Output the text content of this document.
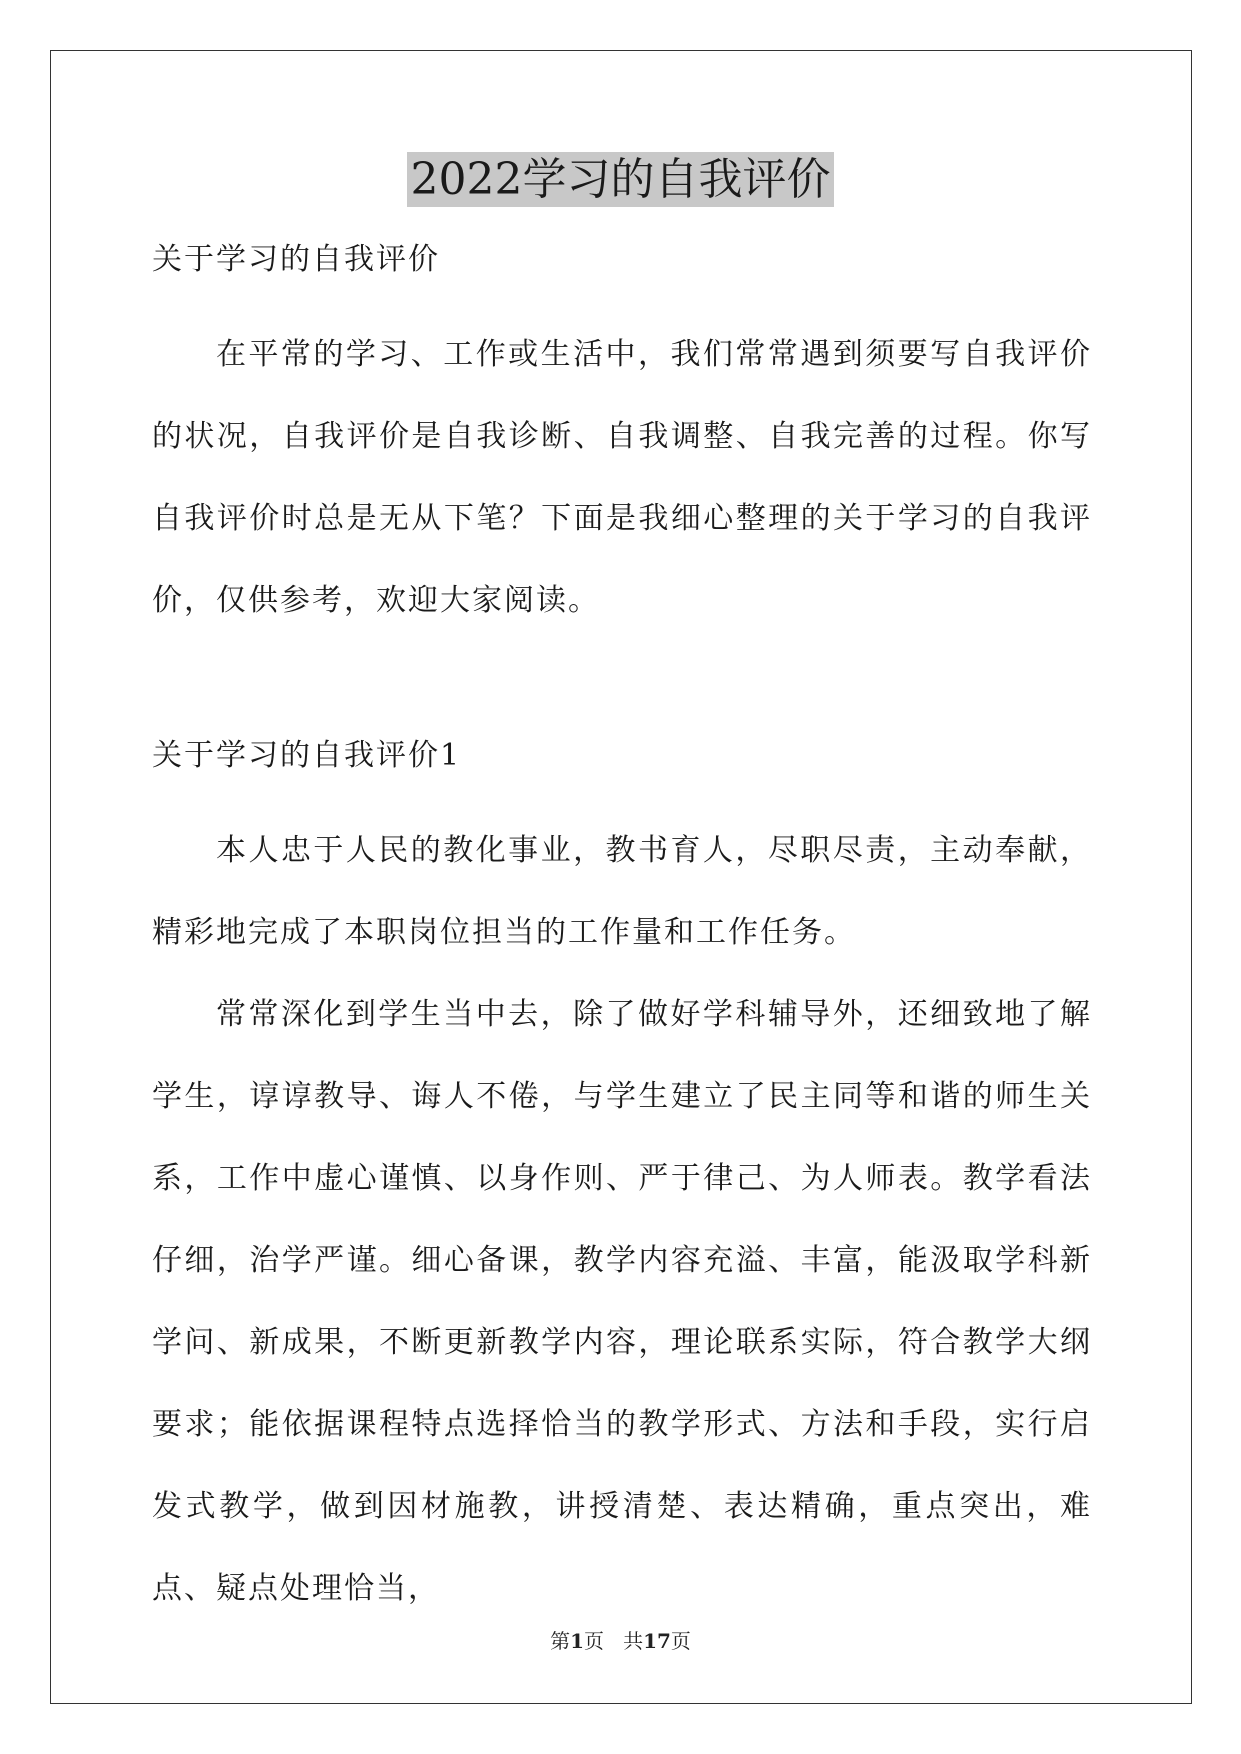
2022学习的自我评价

关于学习的自我评价

在平常的学习、工作或生活中，我们常常遇到须要写自我评价的状况，自我评价是自我诊断、自我调整、自我完善的过程。你写自我评价时总是无从下笔？下面是我细心整理的关于学习的自我评价，仅供参考，欢迎大家阅读。

关于学习的自我评价1

本人忠于人民的教化事业，教书育人，尽职尽责，主动奉献，精彩地完成了本职岗位担当的工作量和工作任务。

常常深化到学生当中去，除了做好学科辅导外，还细致地了解学生，谆谆教导、诲人不倦，与学生建立了民主同等和谐的师生关系，工作中虚心谨慎、以身作则、严于律己、为人师表。教学看法仔细，治学严谨。细心备课，教学内容充溢、丰富，能汲取学科新学问、新成果，不断更新教学内容，理论联系实际，符合教学大纲要求；能依据课程特点选择恰当的教学形式、方法和手段，实行启发式教学，做到因材施教，讲授清楚、表达精确，重点突出，难点、疑点处理恰当，

第1页 共17页
